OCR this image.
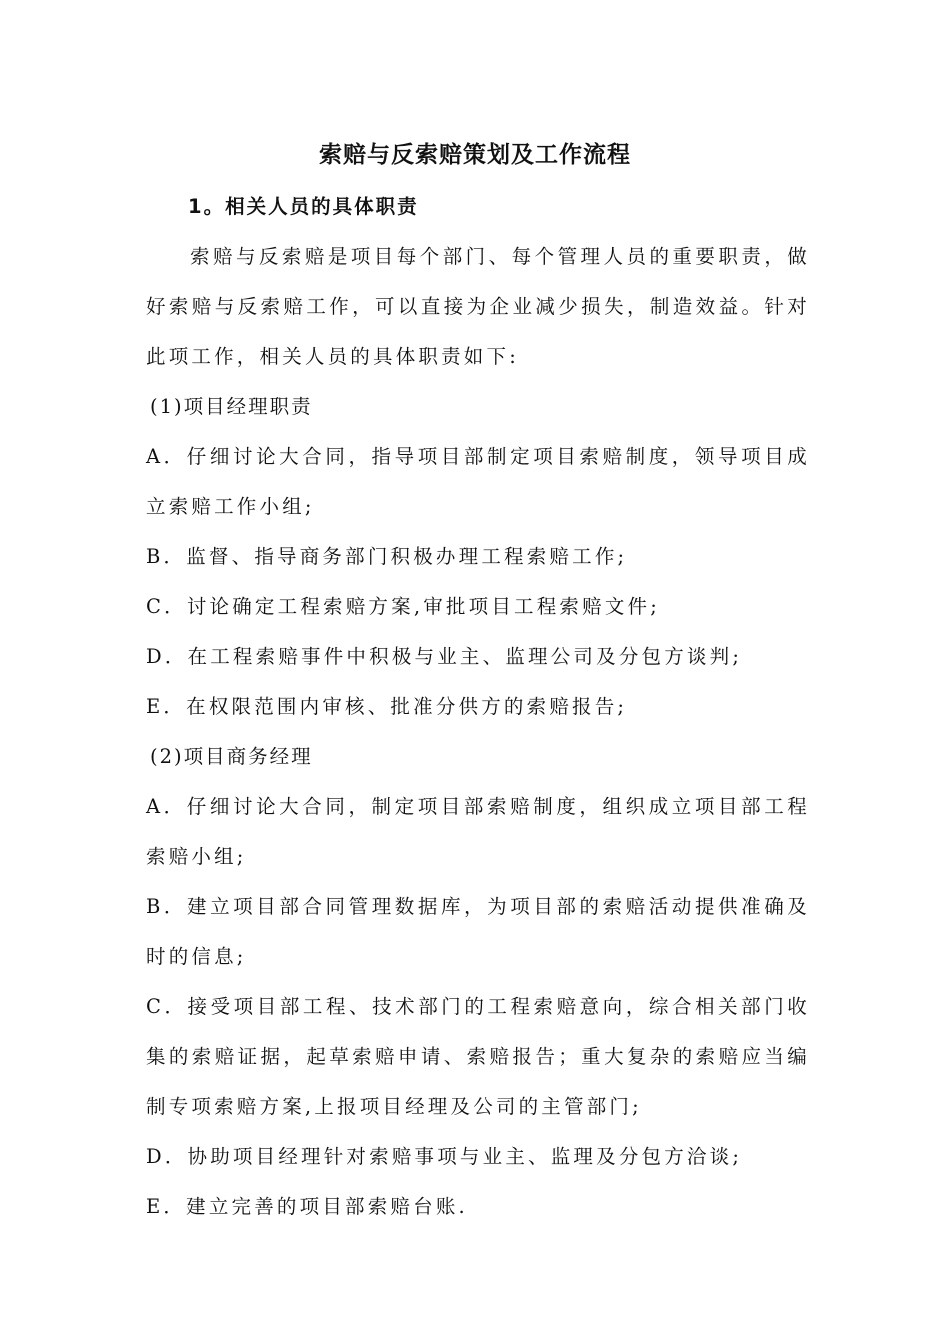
索赔与反索赔策划及工作流程

1。相关人员的具体职责

索赔与反索赔是项目每个部门、每个管理人员的重要职责，做好索赔与反索赔工作，可以直接为企业减少损失，制造效益。针对此项工作，相关人员的具体职责如下:

(1)项目经理职责

A．仔细讨论大合同，指导项目部制定项目索赔制度，领导项目成立索赔工作小组;

B．监督、指导商务部门积极办理工程索赔工作;

C．讨论确定工程索赔方案,审批项目工程索赔文件;

D．在工程索赔事件中积极与业主、监理公司及分包方谈判;

E．在权限范围内审核、批准分供方的索赔报告;

(2)项目商务经理

A．仔细讨论大合同，制定项目部索赔制度，组织成立项目部工程索赔小组;

B．建立项目部合同管理数据库，为项目部的索赔活动提供准确及时的信息;

C．接受项目部工程、技术部门的工程索赔意向，综合相关部门收集的索赔证据，起草索赔申请、索赔报告；重大复杂的索赔应当编制专项索赔方案,上报项目经理及公司的主管部门;

D．协助项目经理针对索赔事项与业主、监理及分包方洽谈;

E．建立完善的项目部索赔台账.
